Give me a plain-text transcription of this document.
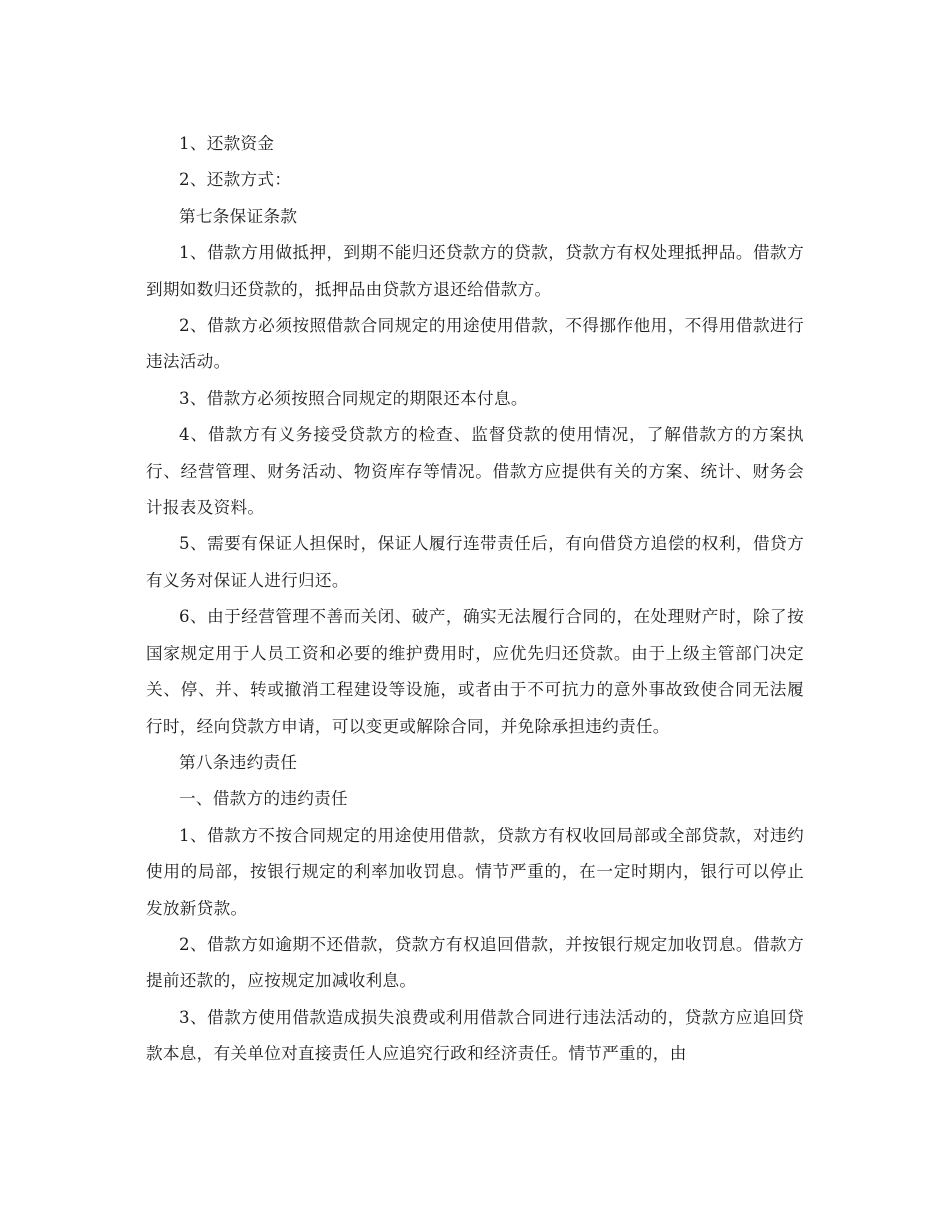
1、还款资金

2、还款方式：

第七条保证条款

1、借款方用做抵押，到期不能归还贷款方的贷款，贷款方有权处理抵押品。借款方到期如数归还贷款的，抵押品由贷款方退还给借款方。

2、借款方必须按照借款合同规定的用途使用借款，不得挪作他用，不得用借款进行违法活动。

3、借款方必须按照合同规定的期限还本付息。

4、借款方有义务接受贷款方的检查、监督贷款的使用情况，了解借款方的方案执行、经营管理、财务活动、物资库存等情况。借款方应提供有关的方案、统计、财务会计报表及资料。

5、需要有保证人担保时，保证人履行连带责任后，有向借贷方追偿的权利，借贷方有义务对保证人进行归还。

6、由于经营管理不善而关闭、破产，确实无法履行合同的，在处理财产时，除了按国家规定用于人员工资和必要的维护费用时，应优先归还贷款。由于上级主管部门决定关、停、并、转或撤消工程建设等设施，或者由于不可抗力的意外事故致使合同无法履行时，经向贷款方申请，可以变更或解除合同，并免除承担违约责任。

第八条违约责任

一、借款方的违约责任

1、借款方不按合同规定的用途使用借款，贷款方有权收回局部或全部贷款，对违约使用的局部，按银行规定的利率加收罚息。情节严重的，在一定时期内，银行可以停止发放新贷款。

2、借款方如逾期不还借款，贷款方有权追回借款，并按银行规定加收罚息。借款方提前还款的，应按规定加减收利息。

3、借款方使用借款造成损失浪费或利用借款合同进行违法活动的，贷款方应追回贷款本息，有关单位对直接责任人应追究行政和经济责任。情节严重的，由
